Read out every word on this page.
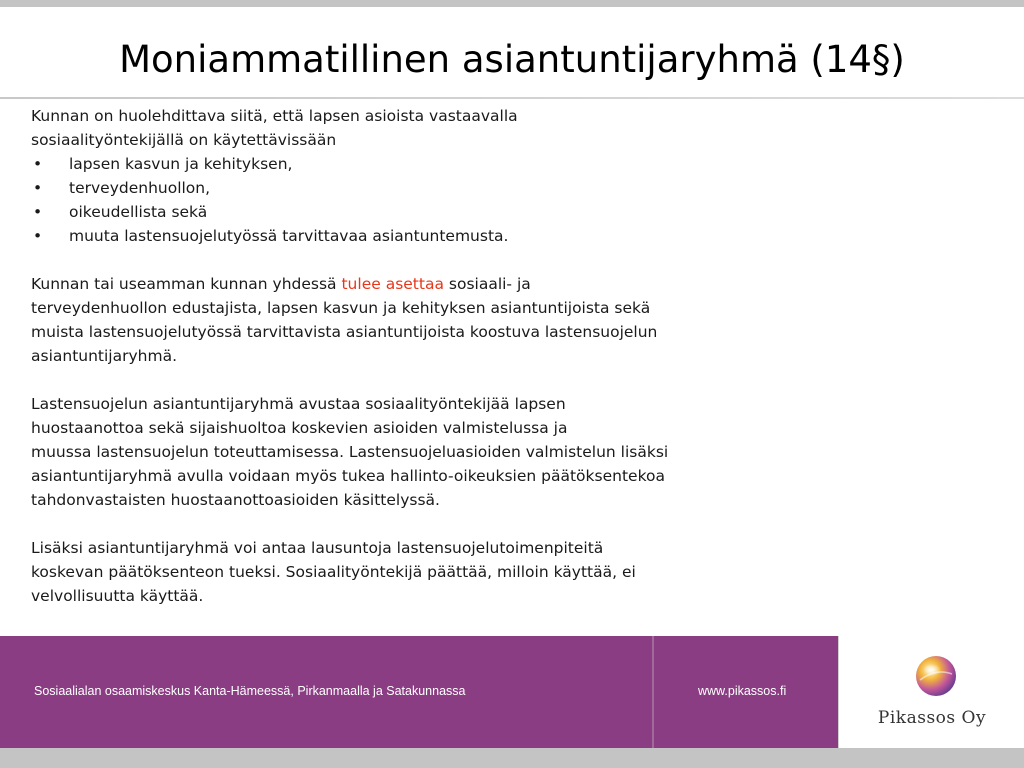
Moniammatillinen asiantuntijaryhmä (14§)

Kunnan on huolehdittava siitä, että lapsen asioista vastaavalla
sosiaalityöntekijällä on käytettävissään

• lapsen kasvun ja kehityksen,
• terveydenhuollon,
• oikeudellista sekä
• muuta lastensuojelutyössä tarvittavaa asiantuntemusta.

Kunnan tai useamman kunnan yhdessä tulee asettaa sosiaali- ja
terveydenhuollon edustajista, lapsen kasvun ja kehityksen asiantuntijoista sekä
muista lastensuojelutyössä tarvittavista asiantuntijoista koostuva lastensuojelun
asiantuntijaryhmä.

Lastensuojelun asiantuntijaryhmä avustaa sosiaalityöntekijää lapsen
huostaanottoa sekä sijaishuoltoa koskevien asioiden valmistelussa ja
muussa lastensuojelun toteuttamisessa. Lastensuojeluasioiden valmistelun lisäksi
asiantuntijaryhmä avulla voidaan myös tukea hallinto-oikeuksien päätöksentekoa
tahdonvastaisten huostaanottoasioiden käsittelyssä.

Lisäksi asiantuntijaryhmä voi antaa lausuntoja lastensuojelutoimenpiteitä
koskevan päätöksenteon tueksi. Sosiaalityöntekijä päättää, milloin käyttää, ei
velvollisuutta käyttää.

Sosiaalialan osaamiskeskus Kanta-Hämeessä, Pirkanmaalla ja Satakunnassa	www.pikassos.fi
Pikassos Oy
